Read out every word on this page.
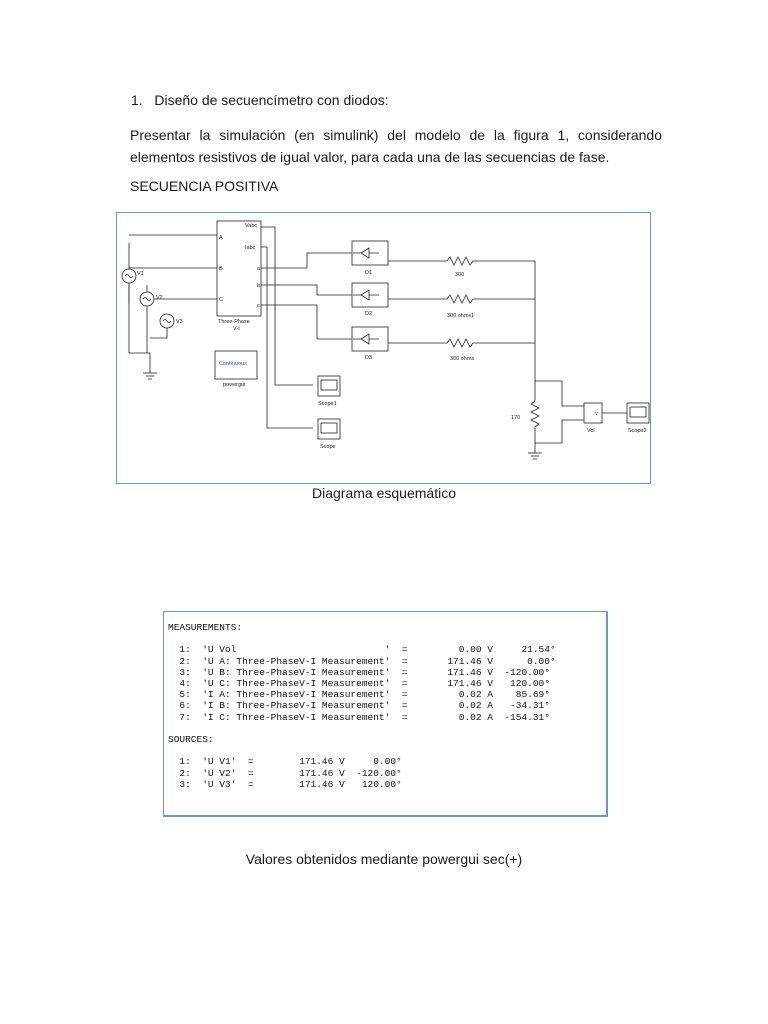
1.   Diseño de secuencímetro con diodos:
Presentar la simulación (en simulink) del modelo de la figura 1, considerando elementos resistivos de igual valor, para cada una de las secuencias de fase.
SECUENCIA POSITIVA
V1
V2
V3
Vabc
Iabc
A
B
C
a
b
c
Three-Phase
V-I
Continuous
powergui
D1
D2
D3
300
300 ohms1
300 ohms
170
Scope1
Scope
Scope2
Vol
v
Diagrama esquemático
MEASUREMENTS:

1:  'U Vol                          '  =         0.00 V     21.54°
2:  'U A: Three-PhaseV-I Measurement'  =       171.46 V      0.00°
3:  'U B: Three-PhaseV-I Measurement'  =       171.46 V  -120.00°
4:  'U C: Three-PhaseV-I Measurement'  =       171.46 V   120.00°
5:  'I A: Three-PhaseV-I Measurement'  =         0.02 A    85.69°
6:  'I B: Three-PhaseV-I Measurement'  =         0.02 A   -34.31°
7:  'I C: Three-PhaseV-I Measurement'  =         0.02 A  -154.31°

SOURCES:

1:  'U V1'  =        171.46 V     0.00°
2:  'U V2'  =        171.46 V  -120.00°
3:  'U V3'  =        171.46 V   120.00°
Valores obtenidos mediante powergui sec(+)
